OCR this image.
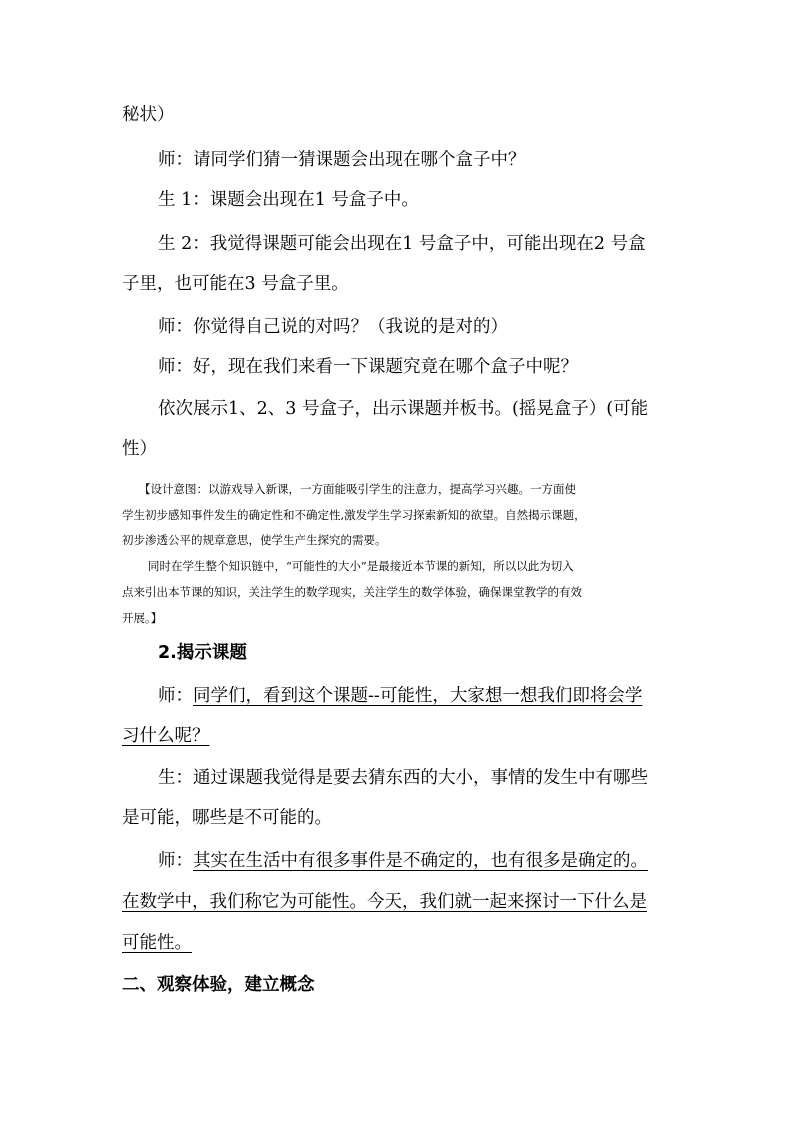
秘状）
师：请同学们猜一猜课题会出现在哪个盒子中？
生 1：课题会出现在1 号盒子中。
生 2：我觉得课题可能会出现在1 号盒子中，可能出现在2 号盒
子里，也可能在3 号盒子里。
师：你觉得自己说的对吗？（我说的是对的）
师：好，现在我们来看一下课题究竟在哪个盒子中呢？
依次展示1、2、3 号盒子，出示课题并板书。(摇晃盒子）(可能
性）
【设计意图：以游戏导入新课，一方面能吸引学生的注意力，提高学习兴趣。一方面使
学生初步感知事件发生的确定性和不确定性,激发学生学习探索新知的欲望。自然揭示课题，
初步渗透公平的规章意思，使学生产生探究的需要。
同时在学生整个知识链中，“可能性的大小”是最接近本节课的新知，所以以此为切入
点来引出本节课的知识，关注学生的数学现实，关注学生的数学体验，确保课堂教学的有效
开展。】
2.揭示课题
师：同学们，看到这个课题--可能性，大家想一想我们即将会学
习什么呢？
生：通过课题我觉得是要去猜东西的大小，事情的发生中有哪些
是可能，哪些是不可能的。
师：其实在生活中有很多事件是不确定的，也有很多是确定的。
在数学中，我们称它为可能性。今天，我们就一起来探讨一下什么是
可能性。
二、观察体验，建立概念
